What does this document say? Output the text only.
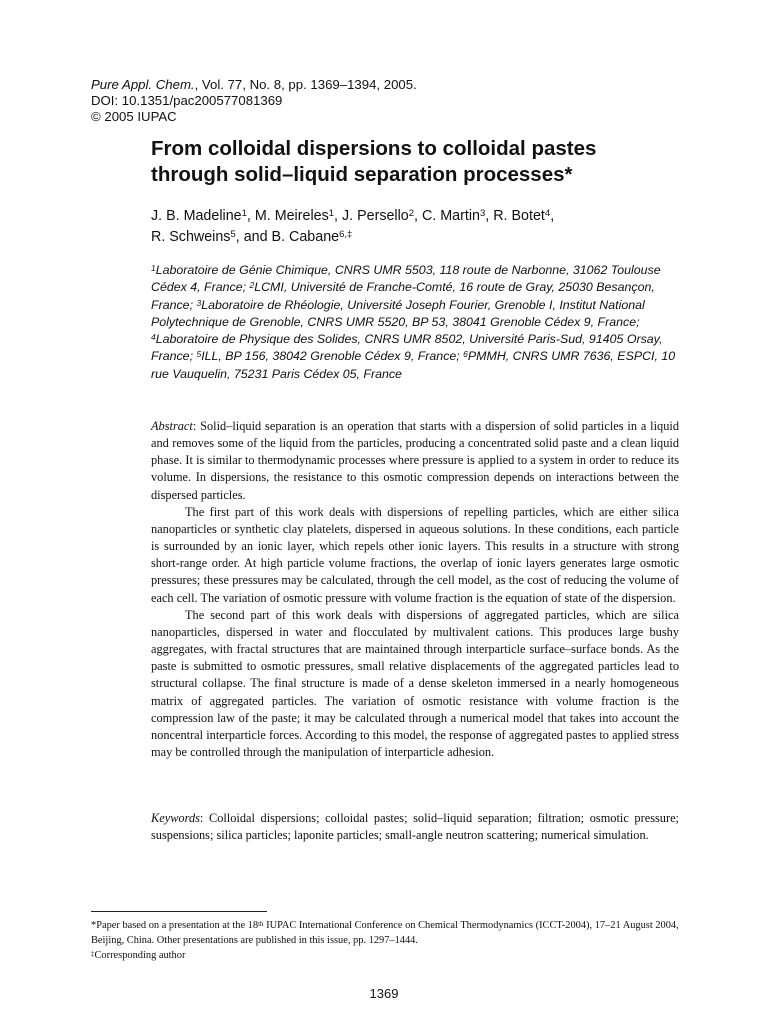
Pure Appl. Chem., Vol. 77, No. 8, pp. 1369–1394, 2005.
DOI: 10.1351/pac200577081369
© 2005 IUPAC
From colloidal dispersions to colloidal pastes
through solid–liquid separation processes*
J. B. Madeline$^1$, M. Meireles$^1$, J. Persello$^2$, C. Martin$^3$, R. Botet$^4$,
R. Schweins$^5$, and B. Cabane$^{6,\ddagger}$
$^1$Laboratoire de Génie Chimique, CNRS UMR 5503, 118 route de Narbonne, 31062 Toulouse Cédex 4, France; $^2$LCMI, Université de Franche-Comté, 16 route de Gray, 25030 Besançon, France; $^3$Laboratoire de Rhéologie, Université Joseph Fourier, Grenoble I, Institut National Polytechnique de Grenoble, CNRS UMR 5520, BP 53, 38041 Grenoble Cédex 9, France; $^4$Laboratoire de Physique des Solides, CNRS UMR 8502, Université Paris-Sud, 91405 Orsay, France; $^5$ILL, BP 156, 38042 Grenoble Cédex 9, France; $^6$PMMH, CNRS UMR 7636, ESPCI, 10 rue Vauquelin, 75231 Paris Cédex 05, France

Abstract: Solid–liquid separation is an operation that starts with a dispersion of solid particles in a liquid and removes some of the liquid from the particles, producing a concentrated solid paste and a clean liquid phase. It is similar to thermodynamic processes where pressure is applied to a system in order to reduce its volume. In dispersions, the resistance to this osmotic compression depends on interactions between the dispersed particles.

The first part of this work deals with dispersions of repelling particles, which are either silica nanoparticles or synthetic clay platelets, dispersed in aqueous solutions. In these conditions, each particle is surrounded by an ionic layer, which repels other ionic layers. This results in a structure with strong short-range order. At high particle volume fractions, the overlap of ionic layers generates large osmotic pressures; these pressures may be calculated, through the cell model, as the cost of reducing the volume of each cell. The variation of osmotic pressure with volume fraction is the equation of state of the dispersion.

The second part of this work deals with dispersions of aggregated particles, which are silica nanoparticles, dispersed in water and flocculated by multivalent cations. This produces large bushy aggregates, with fractal structures that are maintained through interparticle surface–surface bonds. As the paste is submitted to osmotic pressures, small relative displacements of the aggregated particles lead to structural collapse. The final structure is made of a dense skeleton immersed in a nearly homogeneous matrix of aggregated particles. The variation of osmotic resistance with volume fraction is the compression law of the paste; it may be calculated through a numerical model that takes into account the noncentral interparticle forces. According to this model, the response of aggregated pastes to applied stress may be controlled through the manipulation of interparticle adhesion.

Keywords: Colloidal dispersions; colloidal pastes; solid–liquid separation; filtration; osmotic pressure; suspensions; silica particles; laponite particles; small-angle neutron scattering; numerical simulation.

*Paper based on a presentation at the 18th IUPAC International Conference on Chemical Thermodynamics (ICCT-2004), 17–21 August 2004, Beijing, China. Other presentations are published in this issue, pp. 1297–1444.

‡Corresponding author

1369
